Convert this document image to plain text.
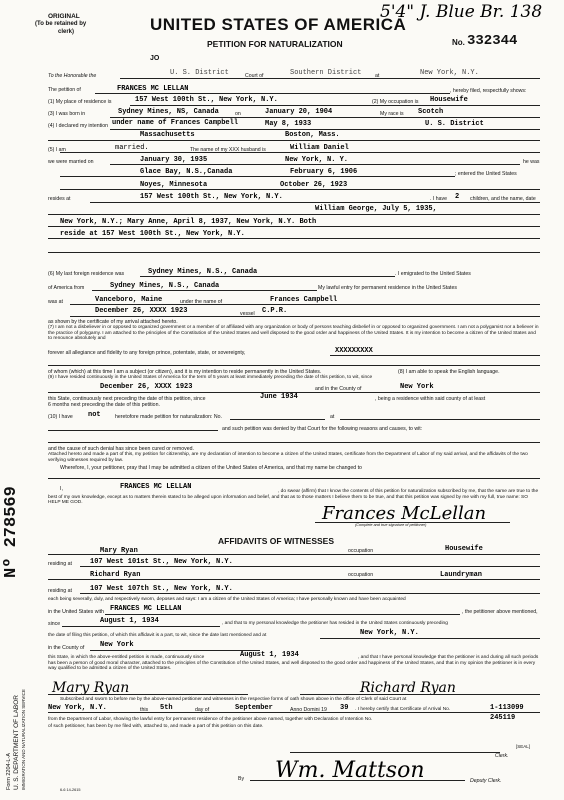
5'4" J. Blue Br. 138
ORIGINAL
(To be retained by
clerk)	UNITED STATES OF AMERICA
PETITION FOR NATURALIZATION	No. 332344
JO
To the Honorable the	U. S. District	Court of	Southern District	at	New York, N.Y.
The petition of	FRANCES MC LELLAN	, hereby filed, respectfully shows:
(1) My place of residence is	157 West 100th St., New York, N.Y.	(2) My occupation is Housewife
(3) I was born in	Sydney Mines, NS, Canada	on	January 20, 1904	My race is Scotch
(4) I declared my intention under name of Frances Campbell	May 8, 1933	U. S. District
Massachusetts	Boston, Mass.
(5) I am	married.	The name of my XXX husband is	William Daniel
we were married on	January 30, 1935	New York, N. Y.	he was
Glace Bay, N.S.,Canada	February 6, 1906	; entered the United States
Noyes, Minnesota	October 26, 1923
resides at	157 West 100th St., New York, N.Y.	. I have 2 children, and the name, date
William George, July 5, 1935,
New York, N.Y.; Mary Anne, April 8, 1937, New York, N.Y. Both
reside at 157 West 100th St., New York, N.Y.
(6) My last foreign residence was	Sydney Mines, N.S., Canada	. I emigrated to the United States
of America from	Sydney Mines, N.S., Canada	My lawful entry for permanent residence in the United States
was at	Vanceboro, Maine	under the name of	Frances Campbell
December 26, XXXX 1923	vessel C.P.R.
as shown by the certificate of my arrival attached hereto.
(7) I am not a disbeliever in or opposed to organized government or a member of or affiliated with any organization or body of persons teaching disbelief in or opposed to organized government. I am not a polygamist nor a believer in the practice of polygamy. I am attached to the principles of the Constitution of the United States and well disposed to the good order and happiness of the United States. It is my intention to become a citizen of the United States and to renounce absolutely and
forever all allegiance and fidelity to any foreign prince, potentate, state, or sovereignty,	XXXXXXXXX
of whom (which) at this time I am a subject (or citizen), and it is my intention to reside permanently in the United States.	(8) I am able to speak the English language.
(9) I have resided continuously in the United States of America for the term of 5 years at least immediately preceding the date of this petition, to wit, since
December 26, XXXX 1923	and in the County of	New York
this State, continuously next preceding the date of this petition, since	June 1934	, being a residence within said county of at least
6 months next preceding the date of this petition.
(10) I have not	heretofore made petition for naturalization: No.	at
and such petition was denied by that Court for the following reasons and causes, to wit:
and the cause of such denial has since been cured or removed.
Attached hereto and made a part of this, my petition for citizenship, are my declaration of intention to become a citizen of the United States, certificate from the Department of Labor of my said arrival, and the affidavits of the two verifying witnesses required by law.
Wherefore, I, your petitioner, pray that I may be admitted a citizen of the United States of America, and that my name be changed to
I,	FRANCES MC LELLAN
, do swear (affirm) that I know the contents of this petition for naturalization subscribed by me, that the same are true to the best of my own knowledge, except as to matters therein stated to be alleged upon information and belief, and that as to those matters I believe them to be true, and that this petition was signed by me with my full, true name: SO HELP ME GOD.
Frances McLellan
(Complete and true signature of petitioner)
AFFIDAVITS OF WITNESSES
Mary Ryan	occupation	Housewife
residing at	107 West 101st St., New York, N.Y.
Richard Ryan	occupation	Laundryman
residing at	107 West 107th St., New York, N.Y.
each being severally, duly, and respectively sworn, deposes and says: I am a citizen of the United States of America; I have personally known and have been acquainted
in the United States with FRANCES MC LELLAN	, the petitioner above mentioned,
since	August 1, 1934	, and that to my personal knowledge the petitioner has resided in the United States continuously preceding
the date of filing this petition, of which this affidavit is a part, to wit, since the date last mentioned and at	New York, N.Y.
in the County of New York
this State, in which the above-entitled petition is made, continuously since	August 1, 1934	, and that I have personal knowledge that the petitioner is and during all such periods has been a person of good moral character, attached to the principles of the Constitution of the United States, and well disposed to the good order and happiness of the United States, and that in my opinion the petitioner is in every way qualified to be admitted a citizen of the United States.
Mary Ryan	Richard Ryan
Subscribed and sworn to before me by the above-named petitioner and witnesses in the respective forms of oath shown above in the office of Clerk of said Court at
New York, N.Y.	this 5th	day of	September	Anno Domini 19 39 . I hereby certify that Certificate of Arrival No.	1-113099
from the Department of Labor, showing the lawful entry for permanent residence of the petitioner above named, together with Declaration of Intention No.	245119
of such petitioner, has been by me filed with, attached to, and made a part of this petition on this date.
[SEAL]
Clerk.
By Wm. Mattson	Deputy Clerk.
Nº 278569
Form 2204-L-A U. S. DEPARTMENT OF LABOR IMMIGRATION AND NATURALIZATION SERVICE	6-6 14-2615
